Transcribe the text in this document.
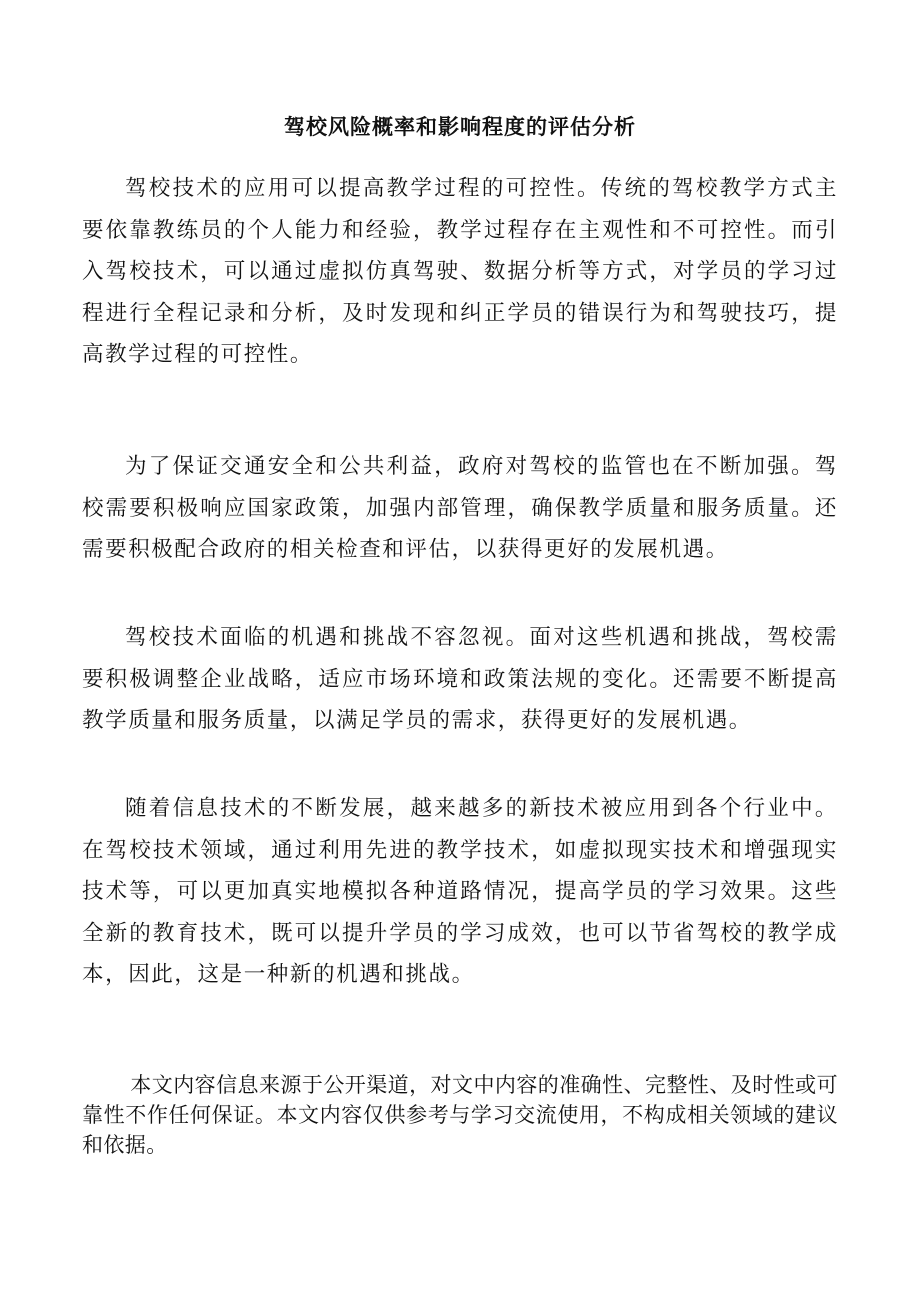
驾校风险概率和影响程度的评估分析

驾校技术的应用可以提高教学过程的可控性。传统的驾校教学方式主要依靠教练员的个人能力和经验，教学过程存在主观性和不可控性。而引入驾校技术，可以通过虚拟仿真驾驶、数据分析等方式，对学员的学习过程进行全程记录和分析，及时发现和纠正学员的错误行为和驾驶技巧，提高教学过程的可控性。

为了保证交通安全和公共利益，政府对驾校的监管也在不断加强。驾校需要积极响应国家政策，加强内部管理，确保教学质量和服务质量。还需要积极配合政府的相关检查和评估，以获得更好的发展机遇。

驾校技术面临的机遇和挑战不容忽视。面对这些机遇和挑战，驾校需要积极调整企业战略，适应市场环境和政策法规的变化。还需要不断提高教学质量和服务质量，以满足学员的需求，获得更好的发展机遇。

随着信息技术的不断发展，越来越多的新技术被应用到各个行业中。在驾校技术领域，通过利用先进的教学技术，如虚拟现实技术和增强现实技术等，可以更加真实地模拟各种道路情况，提高学员的学习效果。这些全新的教育技术，既可以提升学员的学习成效，也可以节省驾校的教学成本，因此，这是一种新的机遇和挑战。

本文内容信息来源于公开渠道，对文中内容的准确性、完整性、及时性或可靠性不作任何保证。本文内容仅供参考与学习交流使用，不构成相关领域的建议和依据。
